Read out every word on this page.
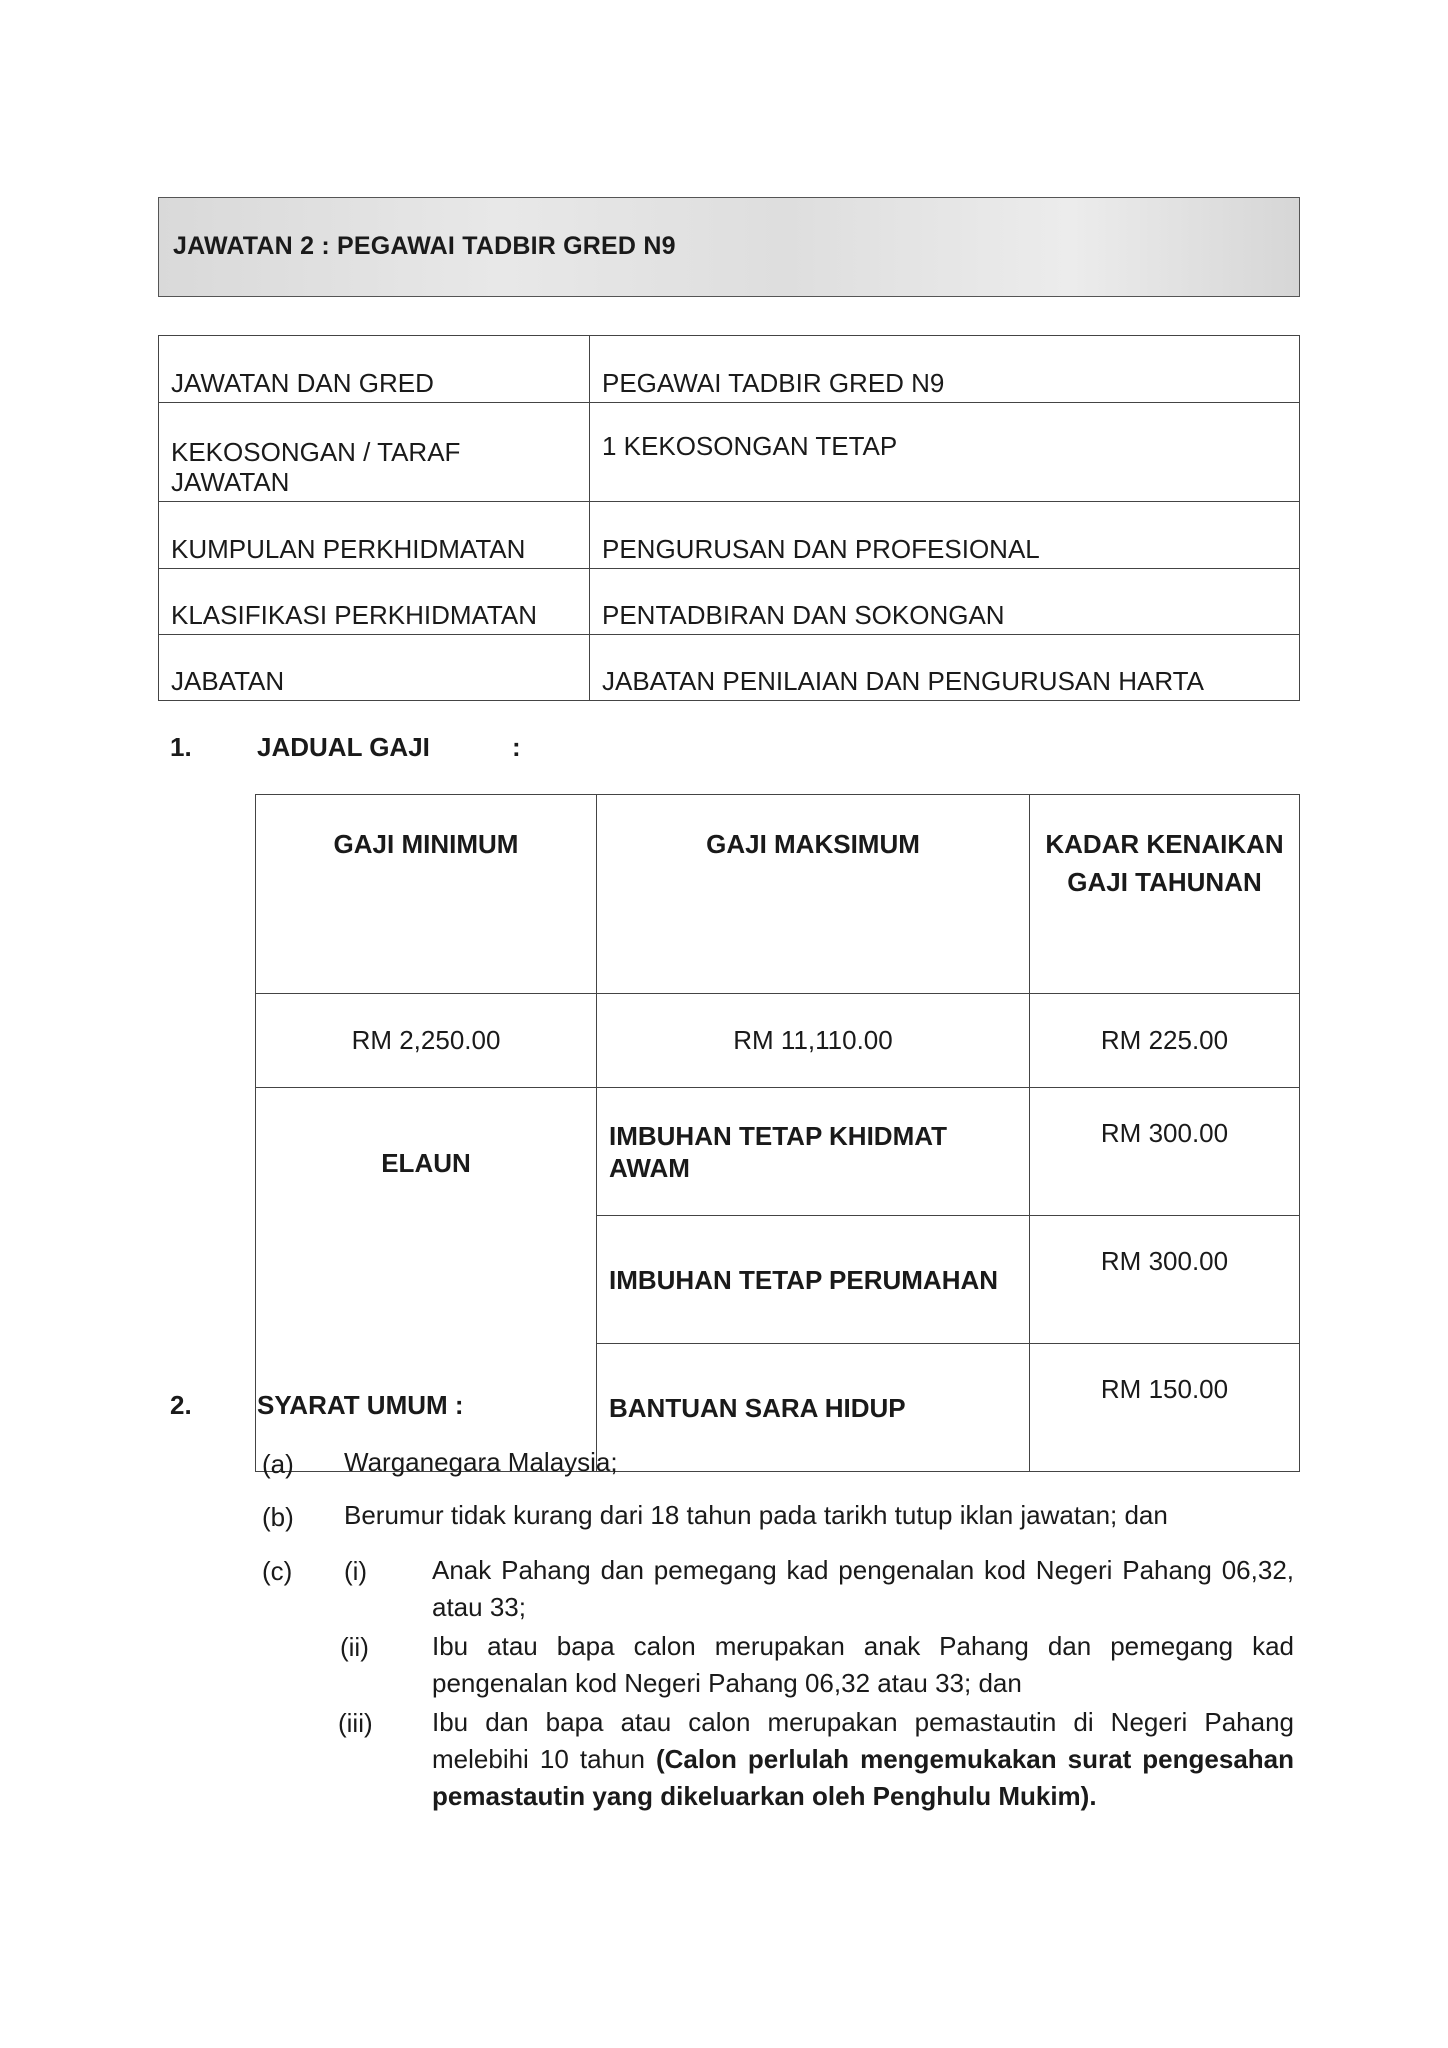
JAWATAN 2 : PEGAWAI TADBIR GRED N9
JAWATAN DAN GRED	PEGAWAI TADBIR GRED N9
KEKOSONGAN / TARAF JAWATAN	1 KEKOSONGAN TETAP
KUMPULAN PERKHIDMATAN	PENGURUSAN DAN PROFESIONAL
KLASIFIKASI PERKHIDMATAN	PENTADBIRAN DAN SOKONGAN
JABATAN	JABATAN PENILAIAN DAN PENGURUSAN HARTA
1.	JADUAL GAJI	:
GAJI MINIMUM	GAJI MAKSIMUM	KADAR KENAIKAN GAJI TAHUNAN
RM 2,250.00	RM 11,110.00	RM 225.00
ELAUN	IMBUHAN TETAP KHIDMAT AWAM	RM 300.00
	IMBUHAN TETAP PERUMAHAN	RM 300.00
	BANTUAN SARA HIDUP	RM 150.00
2.	SYARAT UMUM :
(a) Warganegara Malaysia;
(b) Berumur tidak kurang dari 18 tahun pada tarikh tutup iklan jawatan; dan
(c) (i) Anak Pahang dan pemegang kad pengenalan kod Negeri Pahang 06,32, atau 33;
(ii) Ibu atau bapa calon merupakan anak Pahang dan pemegang kad pengenalan kod Negeri Pahang 06,32 atau 33; dan
(iii) Ibu dan bapa atau calon merupakan pemastautin di Negeri Pahang melebihi 10 tahun (Calon perlulah mengemukakan surat pengesahan pemastautin yang dikeluarkan oleh Penghulu Mukim).
